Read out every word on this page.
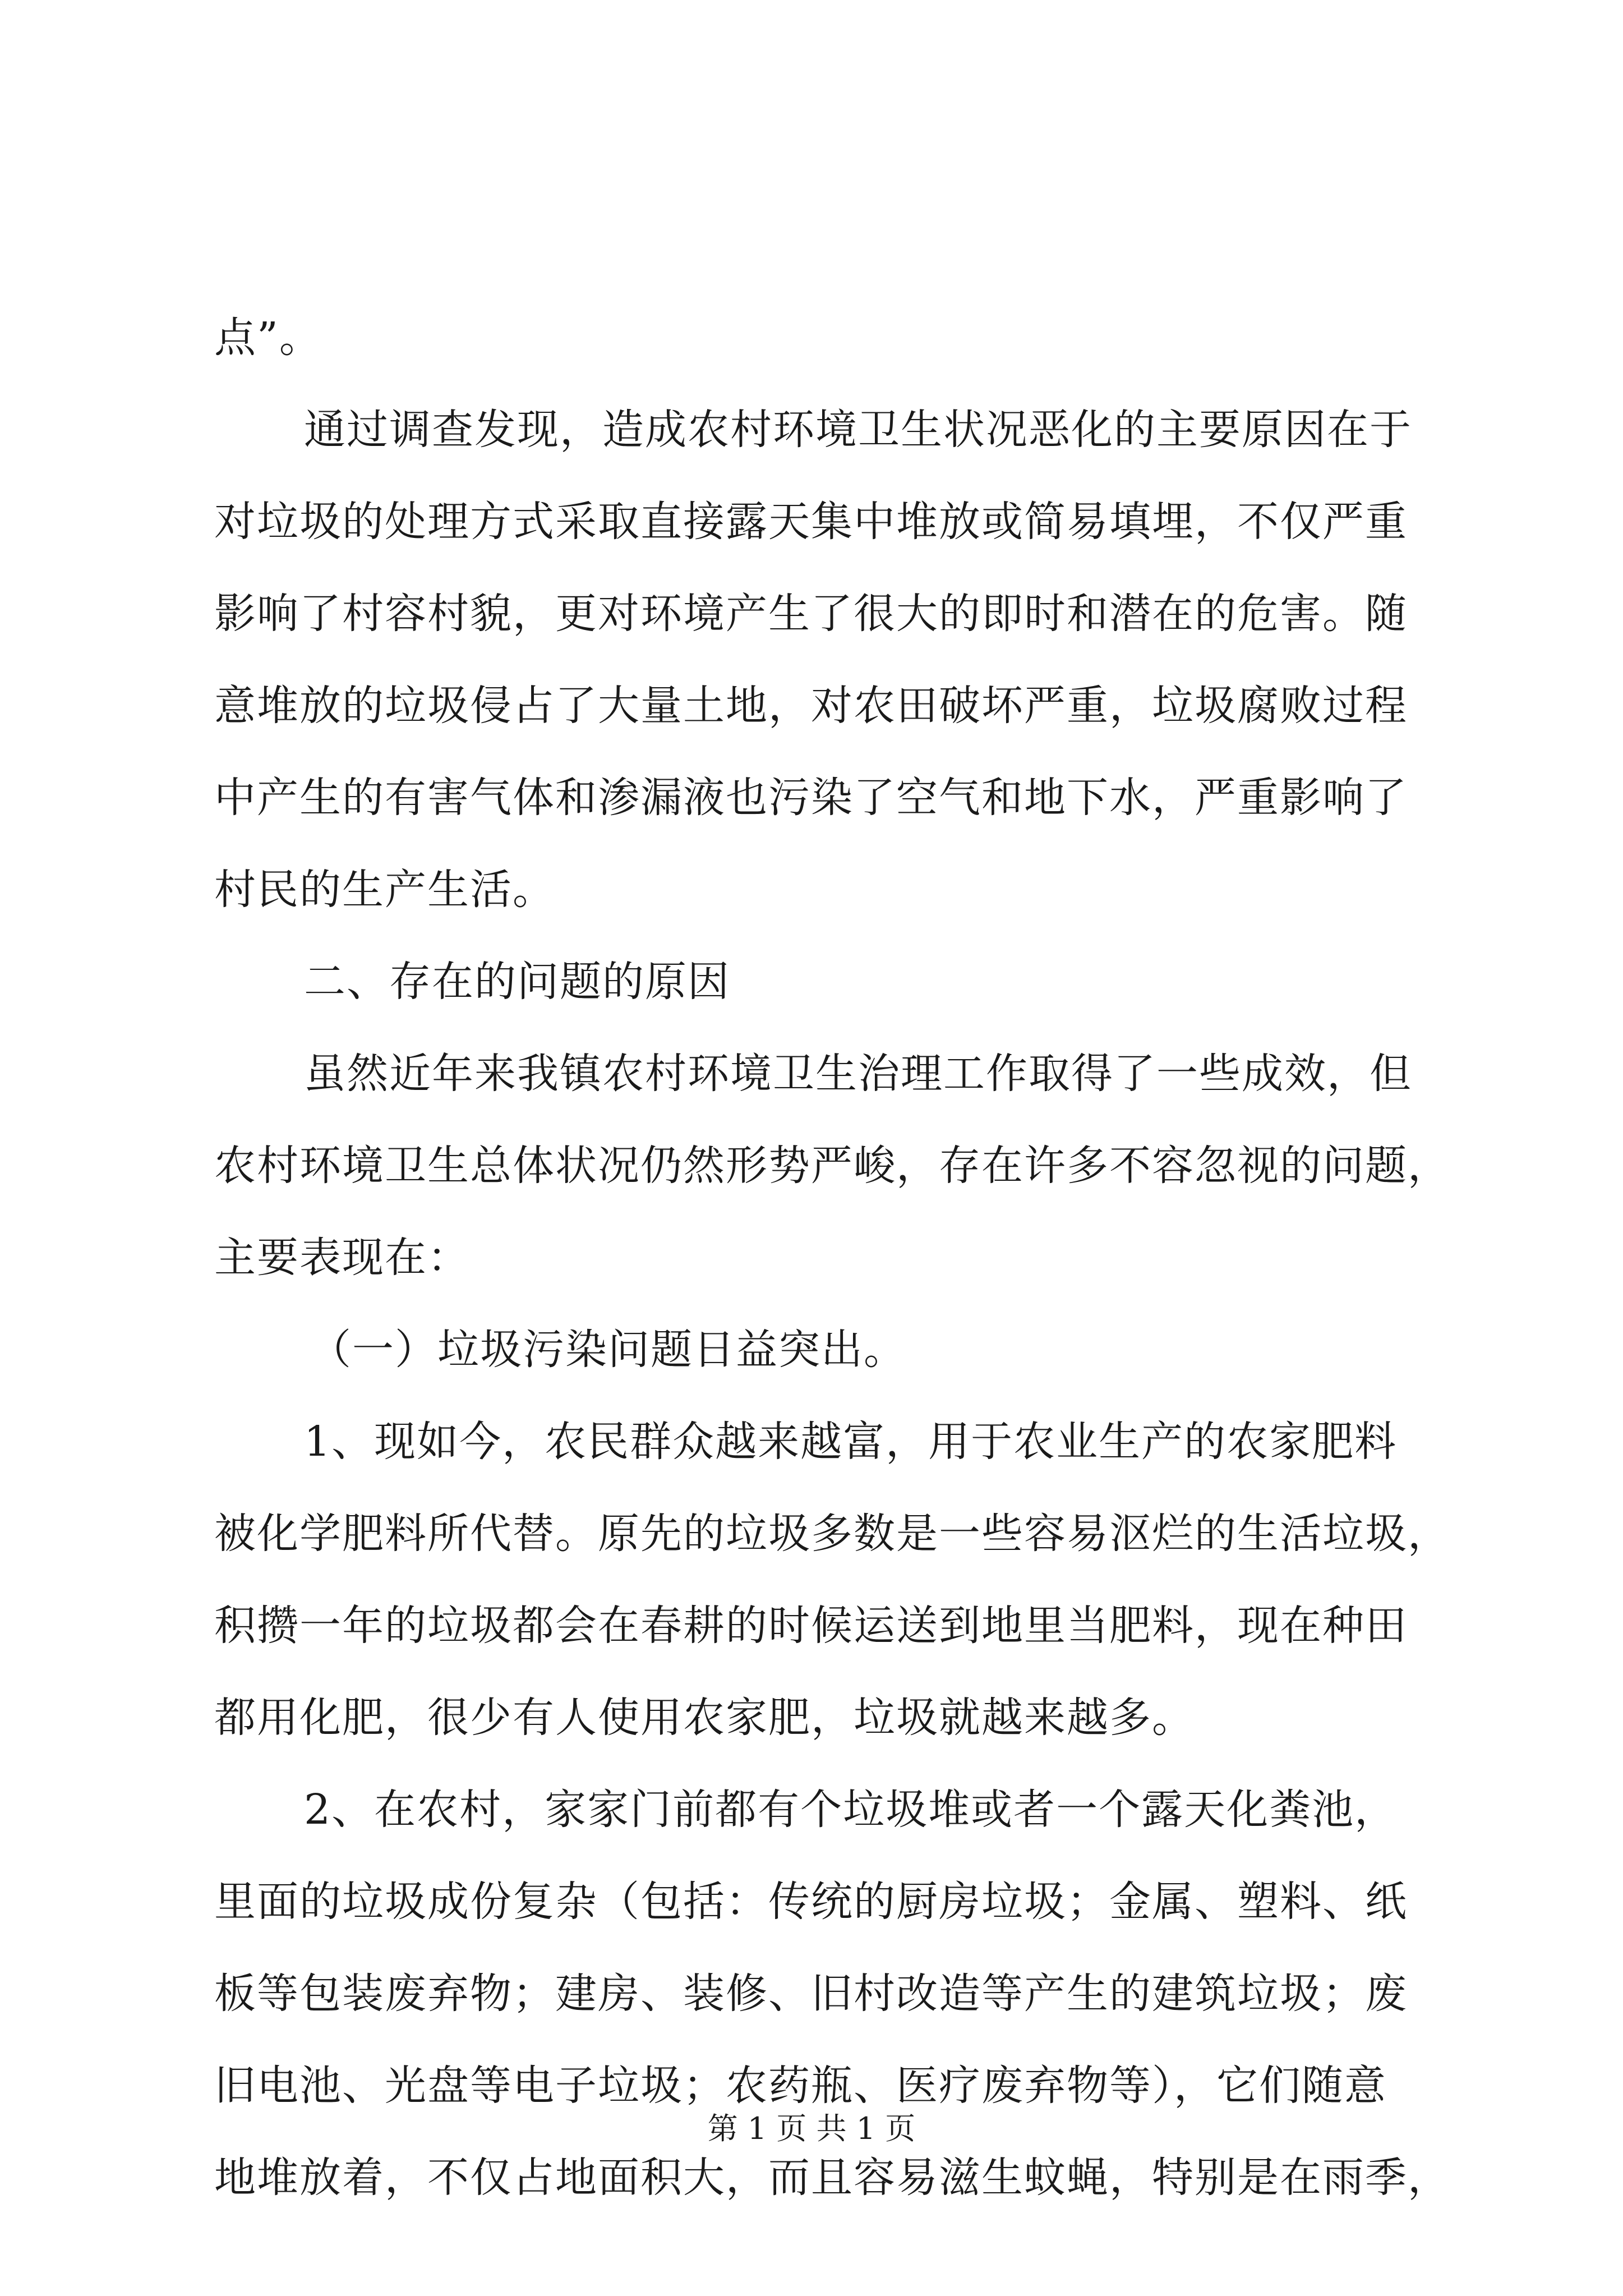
点”。
通过调查发现，造成农村环境卫生状况恶化的主要原因在于
对垃圾的处理方式采取直接露天集中堆放或简易填埋，不仅严重
影响了村容村貌，更对环境产生了很大的即时和潜在的危害。随
意堆放的垃圾侵占了大量土地，对农田破坏严重，垃圾腐败过程
中产生的有害气体和渗漏液也污染了空气和地下水，严重影响了
村民的生产生活。
二、存在的问题的原因
虽然近年来我镇农村环境卫生治理工作取得了一些成效，但
农村环境卫生总体状况仍然形势严峻，存在许多不容忽视的问题，
主要表现在：
（一）垃圾污染问题日益突出。
1、现如今，农民群众越来越富，用于农业生产的农家肥料
被化学肥料所代替。原先的垃圾多数是一些容易沤烂的生活垃圾，
积攒一年的垃圾都会在春耕的时候运送到地里当肥料，现在种田
都用化肥，很少有人使用农家肥，垃圾就越来越多。
2、在农村，家家门前都有个垃圾堆或者一个露天化粪池，
里面的垃圾成份复杂（包括：传统的厨房垃圾；金属、塑料、纸
板等包装废弃物；建房、装修、旧村改造等产生的建筑垃圾；废
旧电池、光盘等电子垃圾；农药瓶、医疗废弃物等），它们随意
地堆放着，不仅占地面积大，而且容易滋生蚊蝇，特别是在雨季，
第 1 页 共 1 页
